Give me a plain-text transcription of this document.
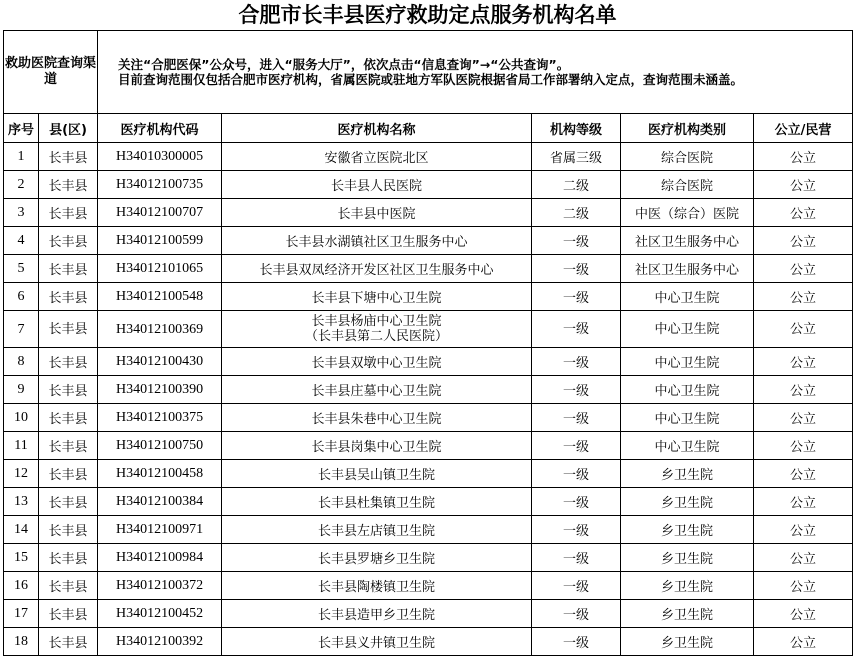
合肥市长丰县医疗救助定点服务机构名单
救助医院查询渠道		关注“合肥医保”公众号，进入“服务大厅”，依次点击“信息查询”→“公共查询”。
目前查询范围仅包括合肥市医疗机构，省属医院或驻地方军队医院根据省局工作部署纳入定点，查询范围未涵盖。				

序号	县(区)	医疗机构代码	医疗机构名称	机构等级	医疗机构类别	公立/民营
1	长丰县	H34010300005	安徽省立医院北区	省属三级	综合医院	公立
2	长丰县	H34012100735	长丰县人民医院	二级	综合医院	公立
3	长丰县	H34012100707	长丰县中医院	二级	中医（综合）医院	公立
4	长丰县	H34012100599	长丰县水湖镇社区卫生服务中心	一级	社区卫生服务中心	公立
5	长丰县	H34012101065	长丰县双凤经济开发区社区卫生服务中心	一级	社区卫生服务中心	公立
6	长丰县	H34012100548	长丰县下塘中心卫生院	一级	中心卫生院	公立
7	长丰县	H34012100369	长丰县杨庙中心卫生院
（长丰县第二人民医院）	一级	中心卫生院	公立
8	长丰县	H34012100430	长丰县双墩中心卫生院	一级	中心卫生院	公立
9	长丰县	H34012100390	长丰县庄墓中心卫生院	一级	中心卫生院	公立
10	长丰县	H34012100375	长丰县朱巷中心卫生院	一级	中心卫生院	公立
11	长丰县	H34012100750	长丰县岗集中心卫生院	一级	中心卫生院	公立
12	长丰县	H34012100458	长丰县吴山镇卫生院	一级	乡卫生院	公立
13	长丰县	H34012100384	长丰县杜集镇卫生院	一级	乡卫生院	公立
14	长丰县	H34012100971	长丰县左店镇卫生院	一级	乡卫生院	公立
15	长丰县	H34012100984	长丰县罗塘乡卫生院	一级	乡卫生院	公立
16	长丰县	H34012100372	长丰县陶楼镇卫生院	一级	乡卫生院	公立
17	长丰县	H34012100452	长丰县造甲乡卫生院	一级	乡卫生院	公立
18	长丰县	H34012100392	长丰县义井镇卫生院	一级	乡卫生院	公立
